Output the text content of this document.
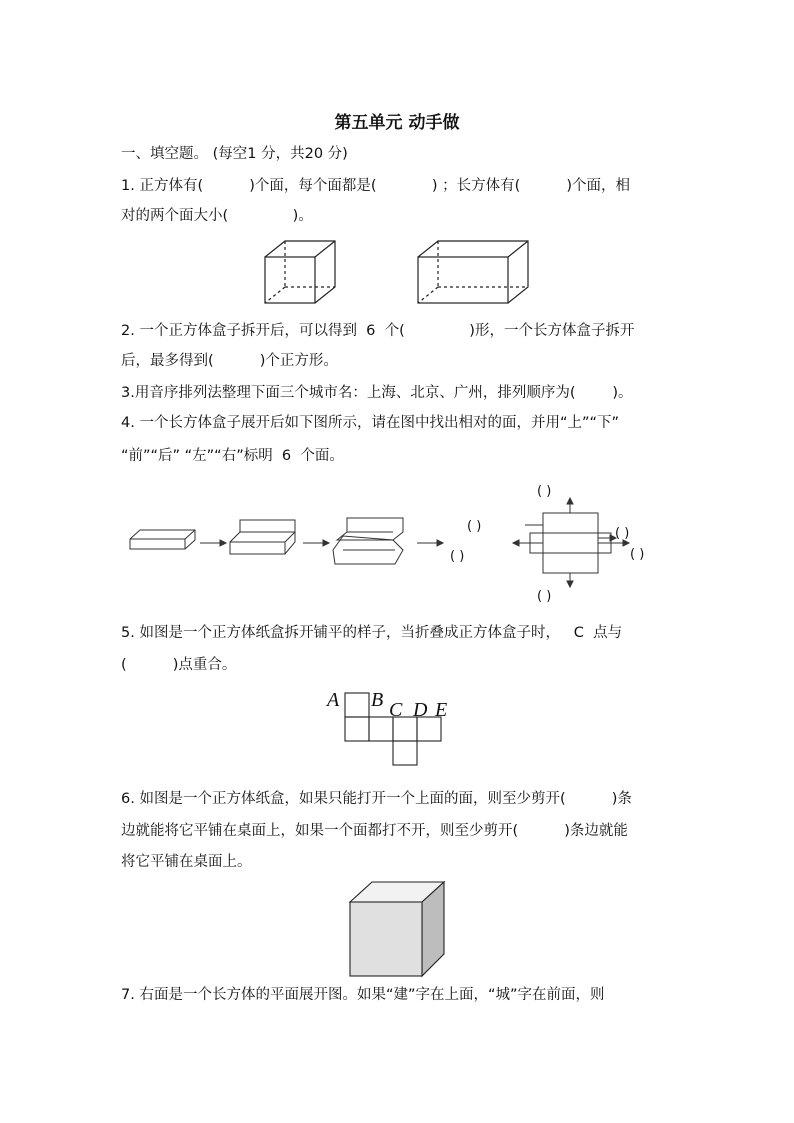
第五单元 动手做
一、填空题。 (每空1 分，共20 分)
1. 正方体有(          )个面，每个面都是(            ) ；长方体有(          )个面，相
对的两个面大小(              )。
2. 一个正方体盒子拆开后，可以得到  6  个(              )形，一个长方体盒子拆开
后，最多得到(          )个正方形。
3.用音序排列法整理下面三个城市名：上海、北京、广州，排列顺序为(        )。
4. 一个长方体盒子展开后如下图所示，请在图中找出相对的面，并用“上”“下”
“前”“后” “左”“右”标明  6  个面。
( )
( )
( )
( )
( )
( )
5. 如图是一个正方体纸盒拆开铺平的样子，当折叠成正方体盒子时，   C  点与
(          )点重合。
A B C D E
6. 如图是一个正方体纸盒，如果只能打开一个上面的面，则至少剪开(          )条
边就能将它平铺在桌面上，如果一个面都打不开，则至少剪开(          )条边就能
将它平铺在桌面上。
7. 右面是一个长方体的平面展开图。如果“建”字在上面，“城”字在前面，则
